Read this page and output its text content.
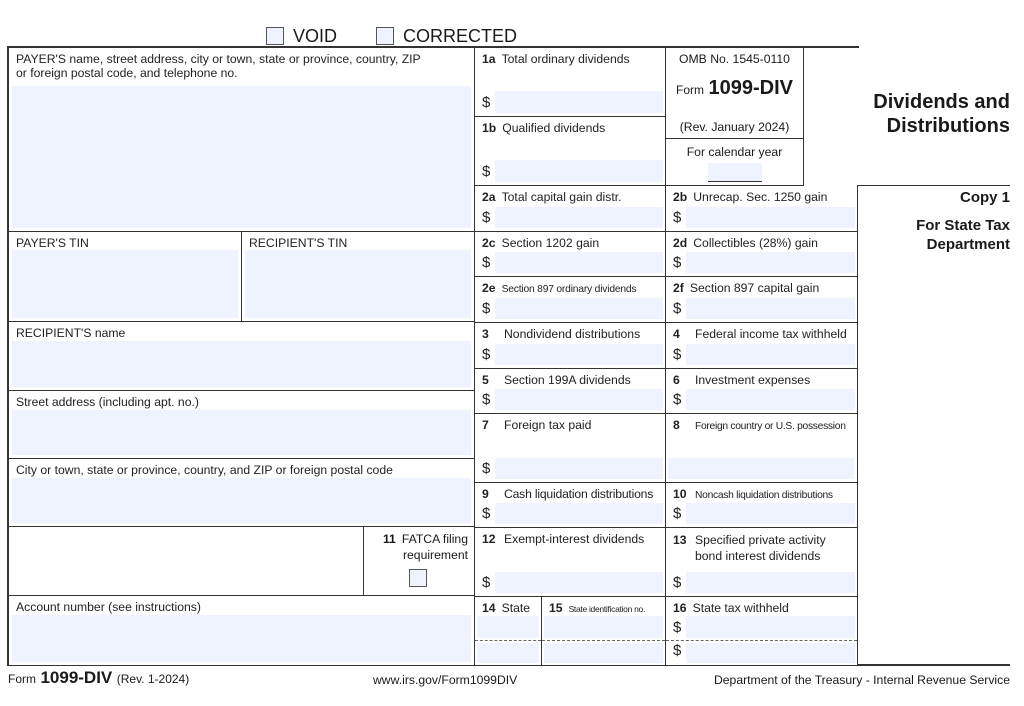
VOID	CORRECTED
PAYER'S name, street address, city or town, state or province, country, ZIP
or foreign postal code, and telephone no.
PAYER'S TIN	RECIPIENT'S TIN
RECIPIENT'S name
Street address (including apt. no.)
City or town, state or province, country, and ZIP or foreign postal code
11 FATCA filing
requirement
Account number (see instructions)
1a Total ordinary dividends
$
1b Qualified dividends
$
OMB No. 1545-0110
Form 1099-DIV
(Rev. January 2024)
For calendar year
Dividends and
Distributions
Copy 1
For State Tax
Department
2a Total capital gain distr.
$
2b Unrecap. Sec. 1250 gain
$
2c Section 1202 gain
$
2d Collectibles (28%) gain
$
2e Section 897 ordinary dividends
$
2f Section 897 capital gain
$
3 Nondividend distributions
$
4 Federal income tax withheld
$
5 Section 199A dividends
$
6 Investment expenses
$
7 Foreign tax paid
$
8 Foreign country or U.S. possession
9 Cash liquidation distributions
$
10 Noncash liquidation distributions
$
12 Exempt-interest dividends
$
13 Specified private activity
bond interest dividends
$
14 State 15 State identification no. 16 State tax withheld
$
$
Form 1099-DIV (Rev. 1-2024)	www.irs.gov/Form1099DIV	Department of the Treasury - Internal Revenue Service
